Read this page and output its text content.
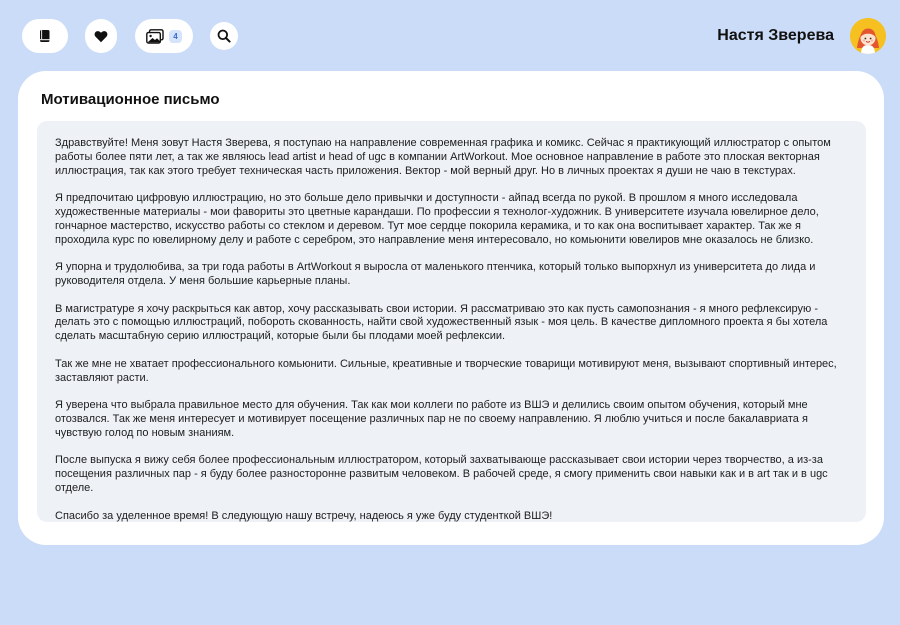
4	Настя Зверева
Мотивационное письмо

Здравствуйте! Меня зовут Настя Зверева, я поступаю на направление современная графика и комикс. Сейчас я практикующий иллюстратор с опытом работы более пяти лет, а так же являюсь lead artist и head of ugc в компании ArtWorkout. Мое основное направление в работе это плоская векторная иллюстрация, так как этого требует техническая часть приложения. Вектор - мой верный друг. Но в личных проектах я души не чаю в текстурах.

Я предпочитаю цифровую иллюстрацию, но это больше дело привычки и доступности - айпад всегда по рукой. В прошлом я много исследовала художественные материалы - мои фавориты это цветные карандаши. По профессии я технолог-художник. В университете изучала ювелирное дело, гончарное мастерство, искусство работы со стеклом и деревом. Тут мое сердце покорила керамика, и то как она воспитывает характер. Так же я проходила курс по ювелирному делу и работе с серебром, это направление меня интересовало, но комьюнити ювелиров мне оказалось не близко.

Я упорна и трудолюбива, за три года работы в ArtWorkout я выросла от маленького птенчика, который только выпорхнул из университета до лида и руководителя отдела. У меня большие карьерные планы.

В магистратуре я хочу раскрыться как автор, хочу рассказывать свои истории. Я рассматриваю это как пусть самопознания - я много рефлексирую - делать это с помощью иллюстраций, побороть скованность, найти свой художественный язык - моя цель. В качестве дипломного проекта я бы хотела сделать масштабную серию иллюстраций, которые были бы плодами моей рефлексии.

Так же мне не хватает профессионального комьюнити. Сильные, креативные и творческие товарищи мотивируют меня, вызывают спортивный интерес, заставляют расти.

Я уверена что выбрала правильное место для обучения. Так как мои коллеги по работе из ВШЭ и делились своим опытом обучения, который мне отозвался. Так же меня интересует и мотивирует посещение различных пар не по своему направлению. Я люблю учиться и после бакалавриата я чувствую голод по новым знаниям.

После выпуска я вижу себя более профессиональным иллюстратором, который захватывающе рассказывает свои истории через творчество, а из-за посещения различных пар - я буду более разносторонне развитым человеком. В рабочей среде, я смогу применить свои навыки как и в art так и в ugc отделе.

Спасибо за уделенное время! В следующую нашу встречу, надеюсь я уже буду студенткой ВШЭ!
